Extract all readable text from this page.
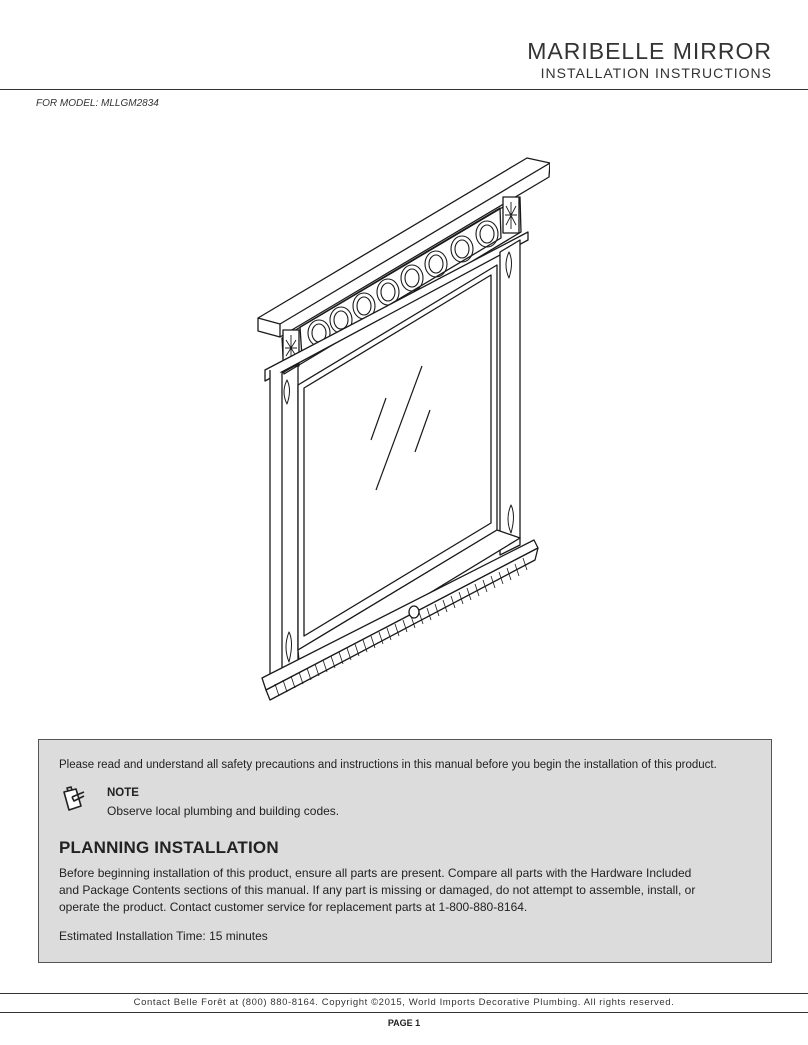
MARIBELLE MIRROR
INSTALLATION INSTRUCTIONS
FOR MODEL: MLLGM2834
Please read and understand all safety precautions and instructions in this manual before you begin the installation of this product.
NOTE
Observe local plumbing and building codes.
PLANNING INSTALLATION
Before beginning installation of this product, ensure all parts are present. Compare all parts with the Hardware Included
and Package Contents sections of this manual. If any part is missing or damaged, do not attempt to assemble, install, or
operate the product. Contact customer service for replacement parts at 1-800-880-8164.
Estimated Installation Time: 15 minutes
Contact Belle Forêt at (800) 880-8164. Copyright ©2015, World Imports Decorative Plumbing. All rights reserved.
PAGE 1
